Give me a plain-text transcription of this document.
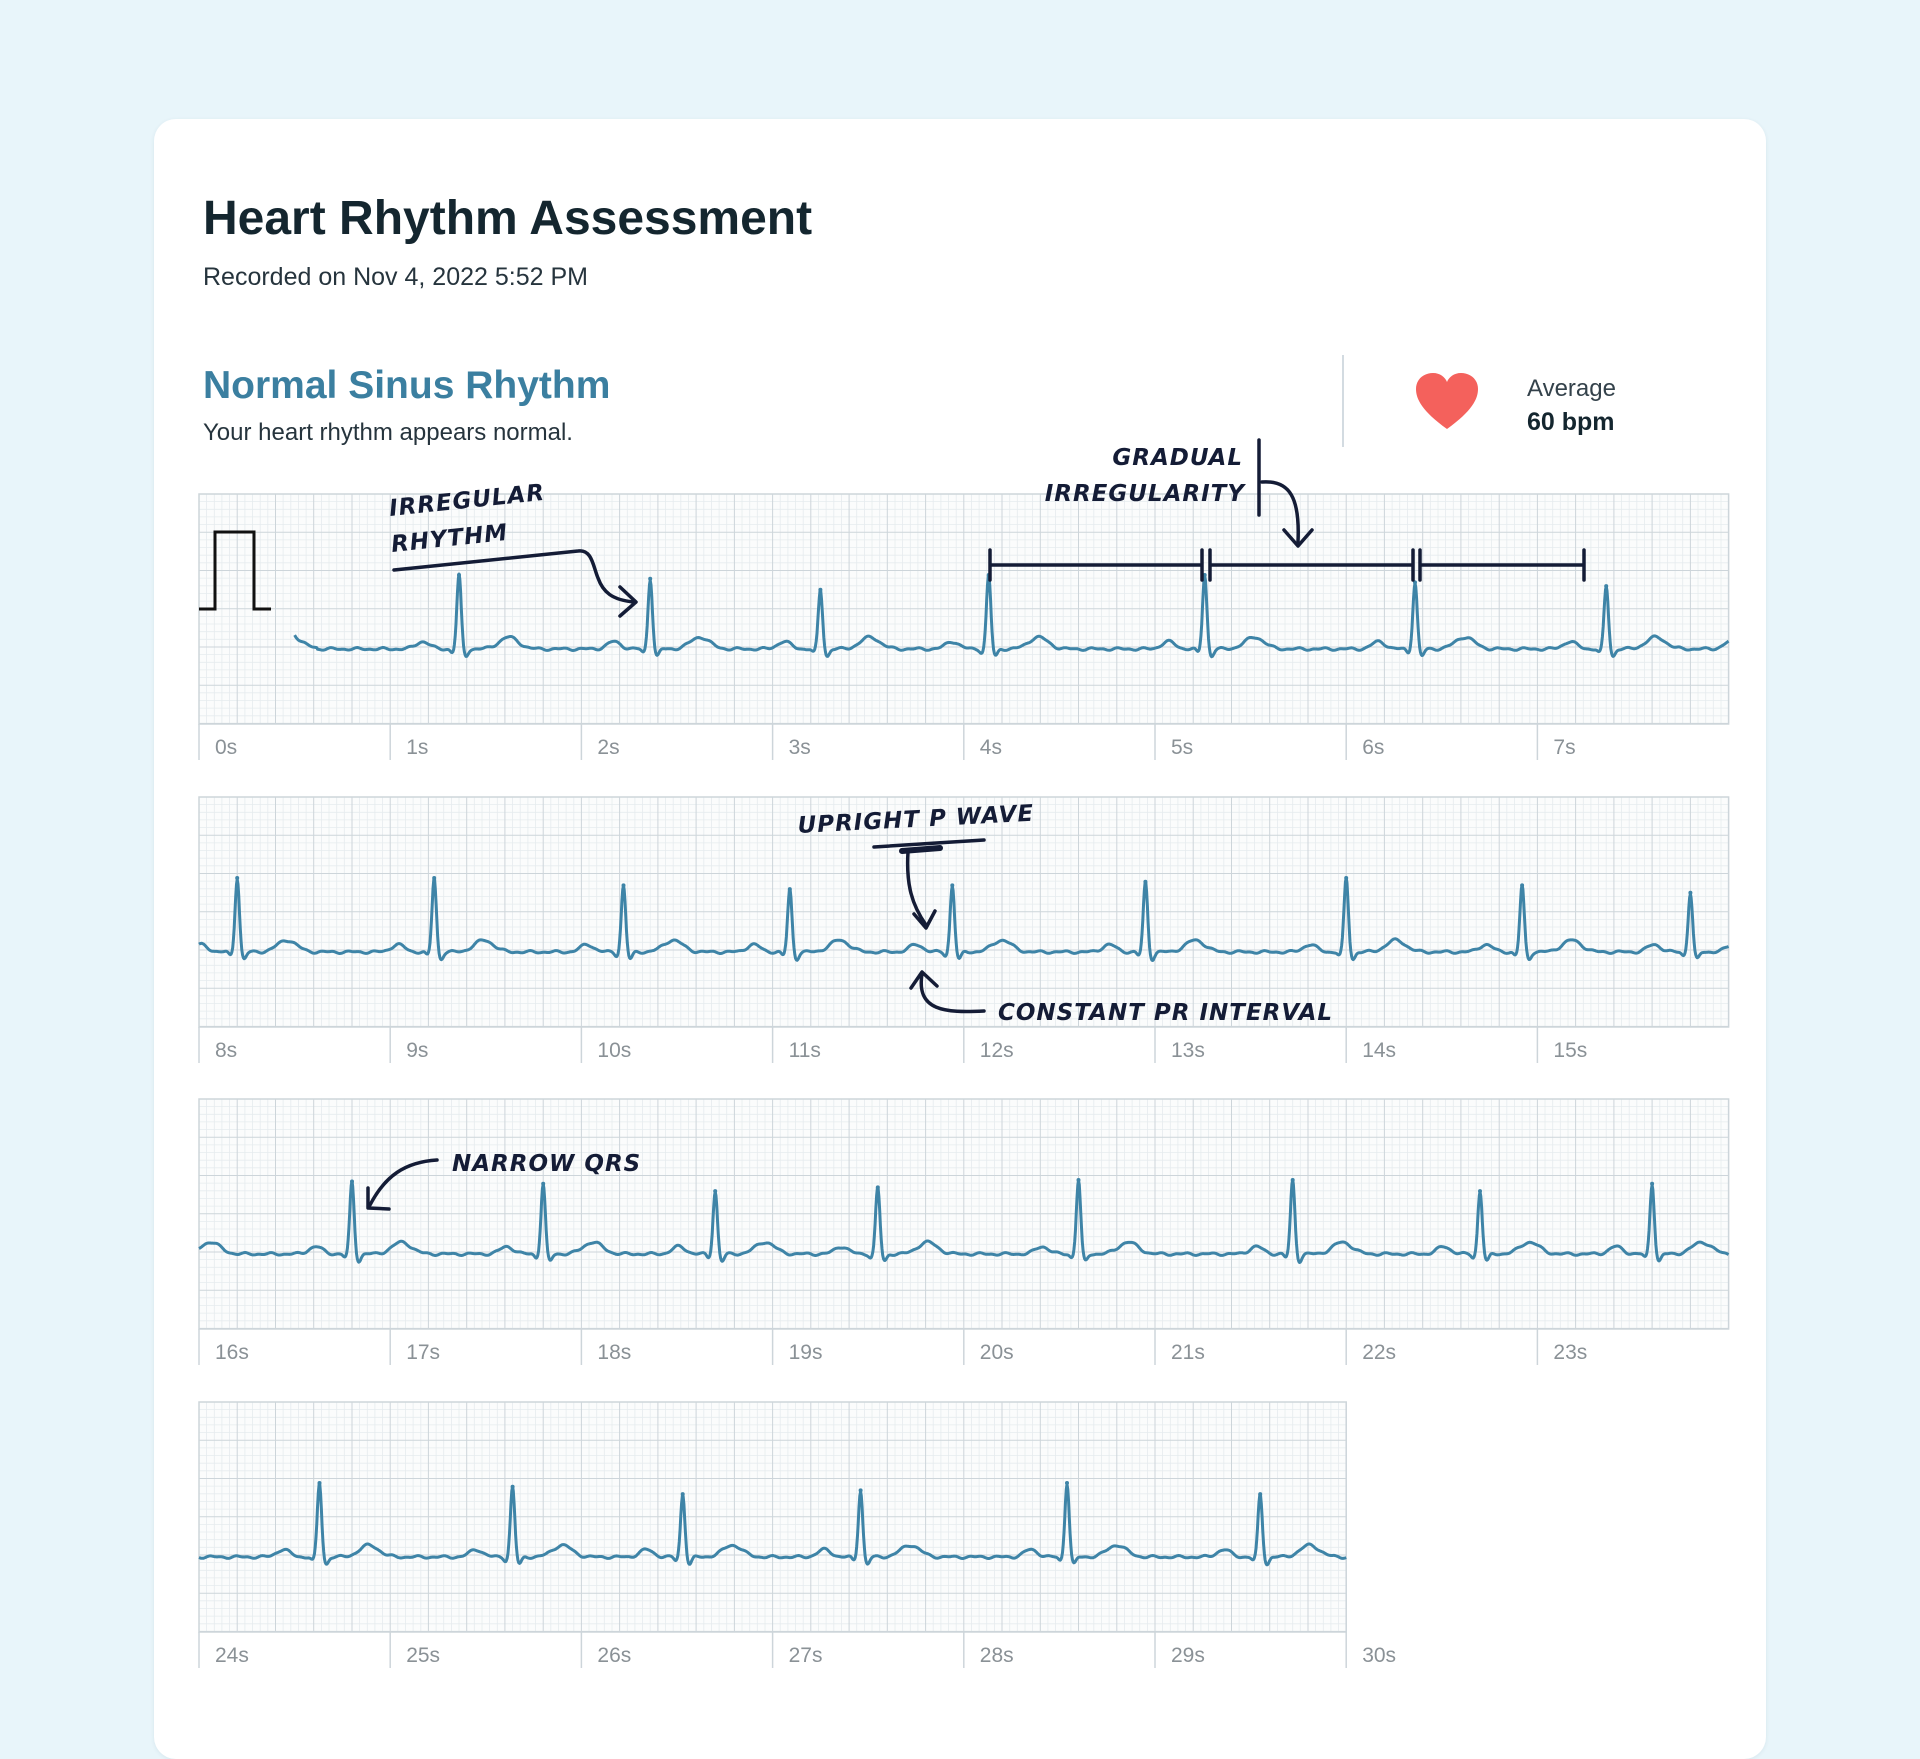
Heart Rhythm Assessment
Recorded on Nov 4, 2022 5:52 PM
Normal Sinus Rhythm
Your heart rhythm appears normal.
Average
60 bpm
0s	1s	2s	3s	4s	5s	6s	7s
8s	9s	10s	11s	12s	13s	14s	15s
16s	17s	18s	19s	20s	21s	22s	23s
24s	25s	26s	27s	28s	29s	30s
IRREGULAR
RHYTHM
GRADUAL
IRREGULARITY
UPRIGHT P WAVE
CONSTANT PR INTERVAL
NARROW QRS
